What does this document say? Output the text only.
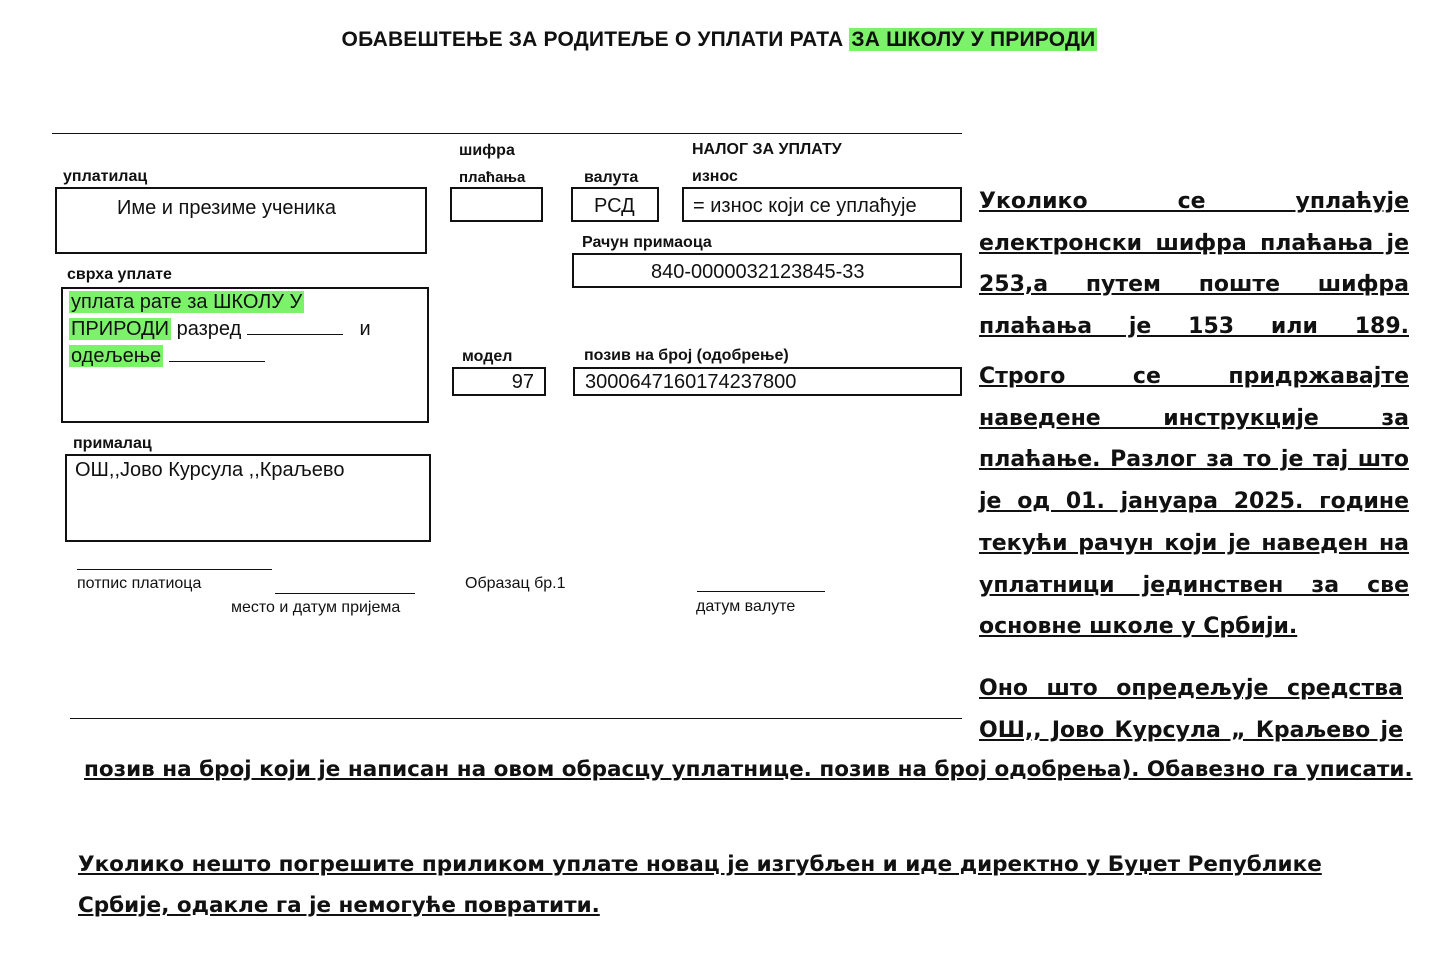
ОБАВЕШТЕЊЕ ЗА РОДИТЕЉЕ О УПЛАТИ РАТА ЗА ШКОЛУ У ПРИРОДИ
шифра	НАЛОГ ЗА УПЛАТУ
уплатилац	плаћања	валута	износ
Име и презиме ученика	РСД	= износ који се уплаћује
Рачун примаоца
840-0000032123845-33
сврха уплате
уплата рате за ШКОЛУ У
ПРИРОДИ разред	и
одељење	модел	позив на број (одобрење)
97	3000647160174237800
прималац
ОШ,,Јово Курсула ,,Краљево
потпис платиоца
место и датум пријема
Образац бр.1
датум валуте
Уколико се уплаћује електронски шифра плаћања је 253,а путем поште шифра плаћања је 153 или 189.
Строго се придржавајте наведене инструкције за плаћање. Разлог за то је тај што је од 01. јануара 2025. године текући рачун који је наведен на уплатници јединствен за све основне школе у Србији.
Оно што опредељује средства ОШ,, Јово Курсула „ Краљево је
позив на број који је написан на овом обрасцу уплатнице. позив на број одобрења). Обавезно га уписати.
Уколико нешто погрешите приликом уплате новац је изгубљен и иде директно у Буџет Републике Србије, одакле га је немогуће повратити.
